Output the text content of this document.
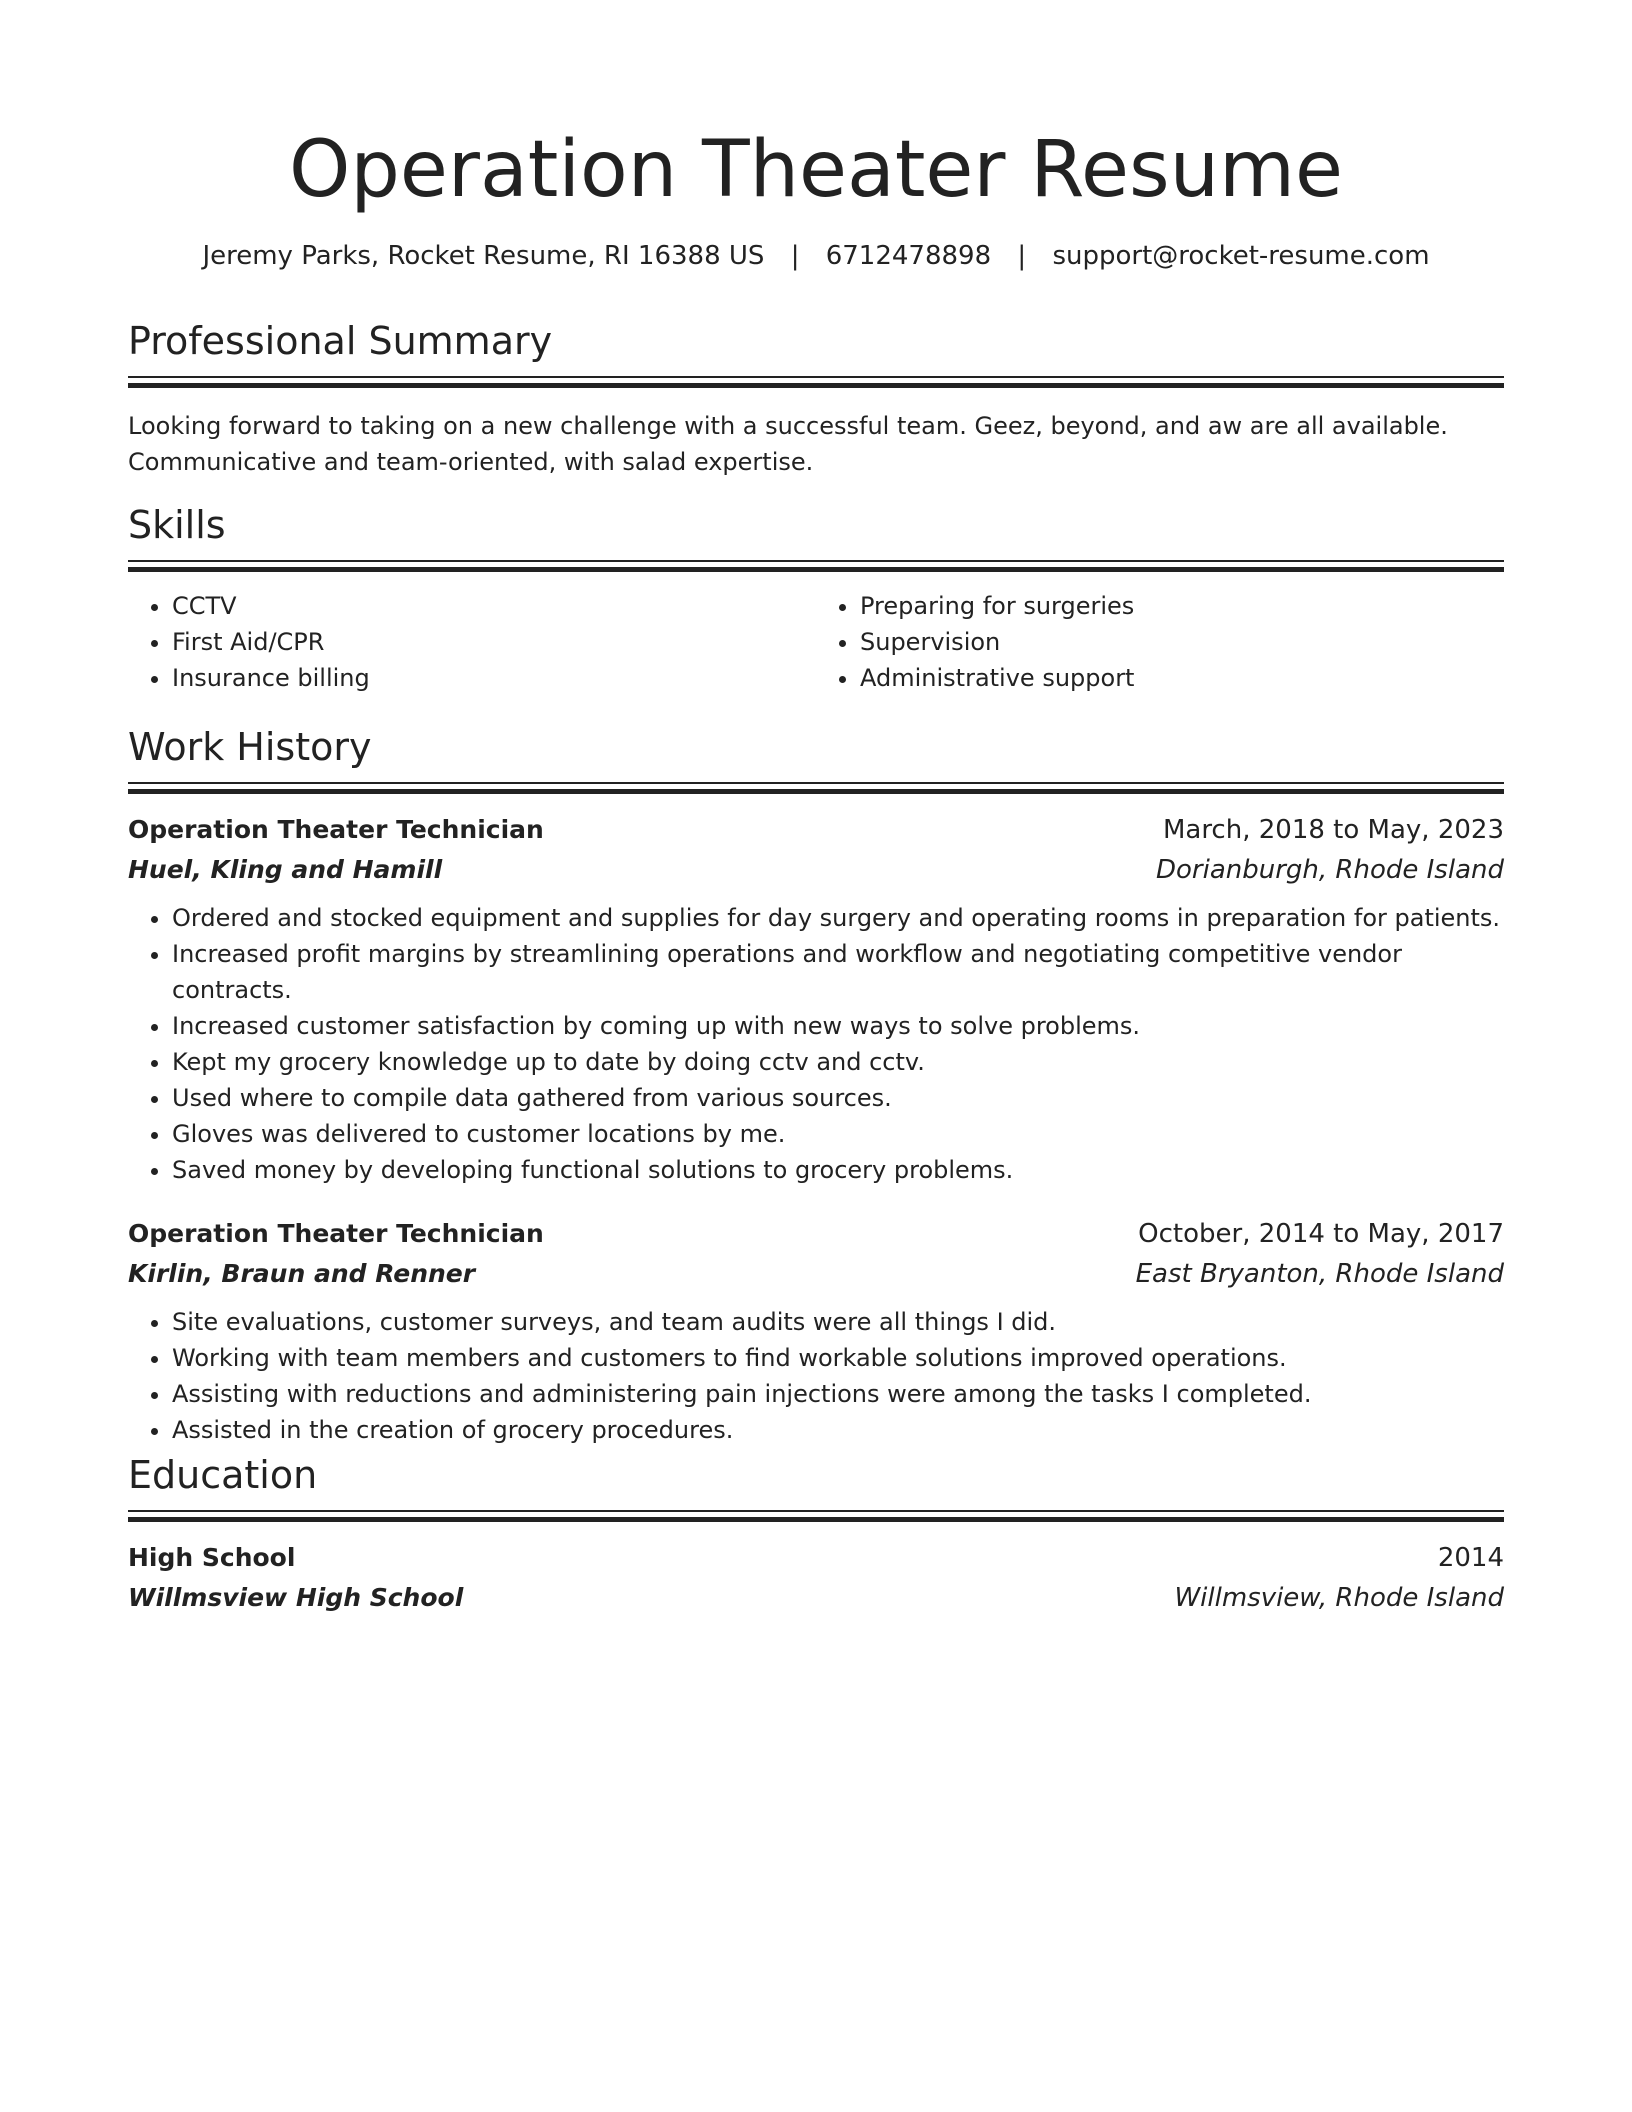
Operation Theater Resume
Jeremy Parks, Rocket Resume, RI 16388 US | 6712478898 | support@rocket-resume.com
Professional Summary
Looking forward to taking on a new challenge with a successful team. Geez, beyond, and aw are all available. Communicative and team-oriented, with salad expertise.
Skills
• CCTV
• First Aid/CPR
• Insurance billing
• Preparing for surgeries
• Supervision
• Administrative support
Work History
Operation Theater Technician	March, 2018 to May, 2023
Huel, Kling and Hamill	Dorianburgh, Rhode Island
• Ordered and stocked equipment and supplies for day surgery and operating rooms in preparation for patients.
• Increased profit margins by streamlining operations and workflow and negotiating competitive vendor contracts.
• Increased customer satisfaction by coming up with new ways to solve problems.
• Kept my grocery knowledge up to date by doing cctv and cctv.
• Used where to compile data gathered from various sources.
• Gloves was delivered to customer locations by me.
• Saved money by developing functional solutions to grocery problems.
Operation Theater Technician	October, 2014 to May, 2017
Kirlin, Braun and Renner	East Bryanton, Rhode Island
• Site evaluations, customer surveys, and team audits were all things I did.
• Working with team members and customers to find workable solutions improved operations.
• Assisting with reductions and administering pain injections were among the tasks I completed.
• Assisted in the creation of grocery procedures.
Education
High School	2014
Willmsview High School	Willmsview, Rhode Island
